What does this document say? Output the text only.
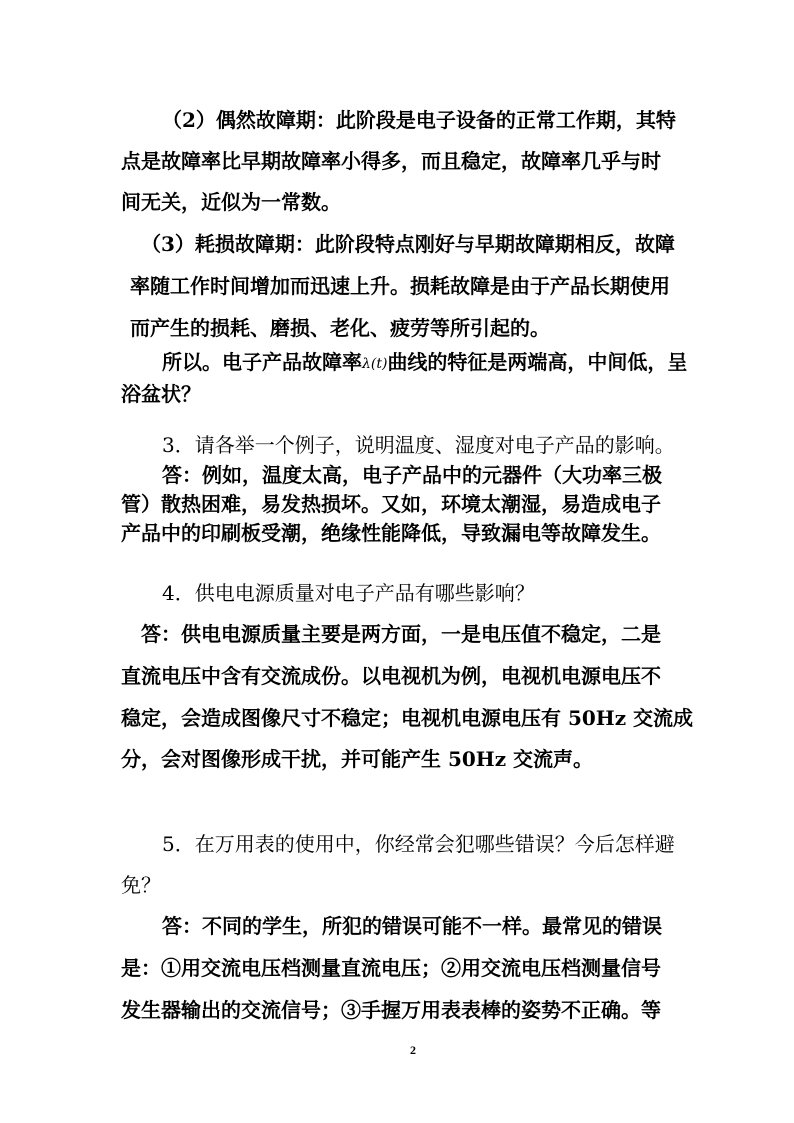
（2）偶然故障期：此阶段是电子设备的正常工作期，其特
点是故障率比早期故障率小得多，而且稳定，故障率几乎与时
间无关，近似为一常数。
（3）耗损故障期：此阶段特点刚好与早期故障期相反，故障
率随工作时间增加而迅速上升。损耗故障是由于产品长期使用
而产生的损耗、磨损、老化、疲劳等所引起的。
所以。电子产品故障率λ(t)曲线的特征是两端高，中间低，呈
浴盆状？
3．请各举一个例子，说明温度、湿度对电子产品的影响。
答：例如，温度太高，电子产品中的元器件（大功率三极
管）散热困难，易发热损坏。又如，环境太潮湿，易造成电子
产品中的印刷板受潮，绝缘性能降低，导致漏电等故障发生。
4．供电电源质量对电子产品有哪些影响？
答：供电电源质量主要是两方面，一是电压值不稳定，二是
直流电压中含有交流成份。以电视机为例，电视机电源电压不
稳定，会造成图像尺寸不稳定；电视机电源电压有 50Hz 交流成
分，会对图像形成干扰，并可能产生 50Hz 交流声。
5．在万用表的使用中，你经常会犯哪些错误？今后怎样避
免？
答：不同的学生，所犯的错误可能不一样。最常见的错误
是：①用交流电压档测量直流电压；②用交流电压档测量信号
发生器输出的交流信号；③手握万用表表棒的姿势不正确。等
2
